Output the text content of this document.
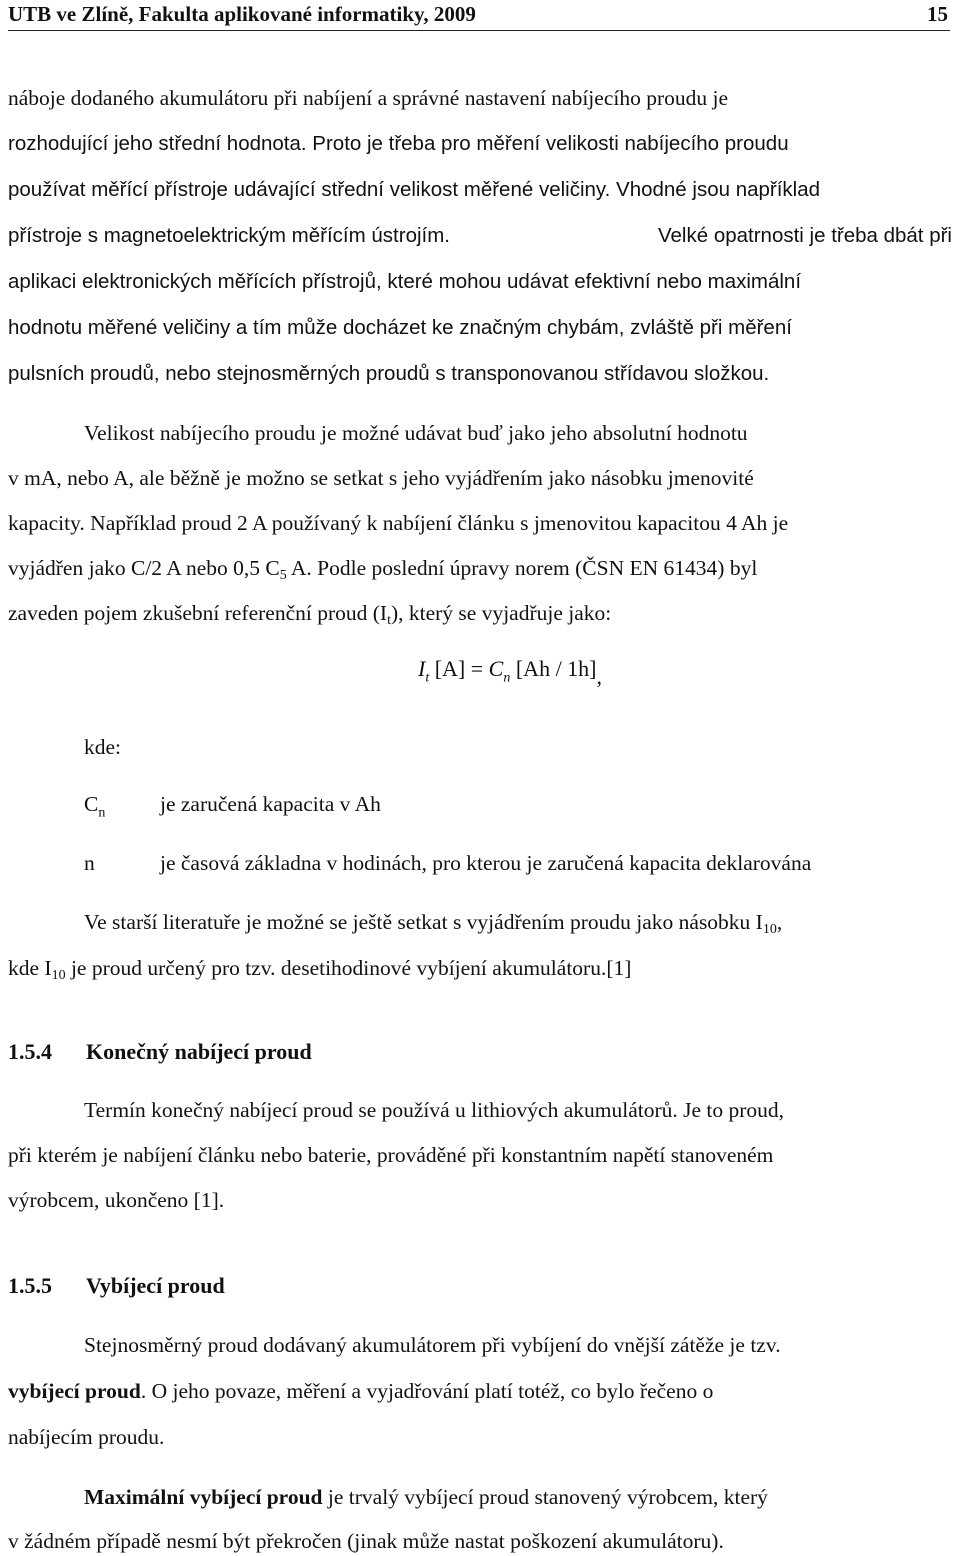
UTB ve Zlíně, Fakulta aplikované informatiky, 2009	15
náboje dodaného akumulátoru při nabíjení a správné nastavení nabíjecího proudu je
rozhodující jeho střední hodnota. Proto je třeba pro měření velikosti nabíjecího proudu
používat měřící přístroje udávající střední velikost měřené veličiny. Vhodné jsou například
přístroje s magnetoelektrickým měřícím ústrojím.	Velké opatrnosti je třeba dbát při
aplikaci elektronických měřících přístrojů, které mohou udávat efektivní nebo maximální
hodnotu měřené veličiny a tím může docházet ke značným chybám, zvláště při měření
pulsních proudů, nebo stejnosměrných proudů s transponovanou střídavou složkou.
Velikost nabíjecího proudu je možné udávat buď jako jeho absolutní hodnotu
v mA, nebo A, ale běžně je možno se setkat s jeho vyjádřením jako násobku jmenovité
kapacity. Například proud 2 A používaný k nabíjení článku s jmenovitou kapacitou 4 Ah je
vyjádřen jako C/2 A nebo 0,5 $C_5$ A. Podle poslední úpravy norem (ČSN EN 61434) byl
zaveden pojem zkušební referenční proud $(I_t)$, který se vyjadřuje jako:
$I_t$ $[A] = C_n$ [Ah / 1h],
kde:
$C_n$	je zaručená kapacita v Ah
n	je časová základna v hodinách, pro kterou je zaručená kapacita deklarována
Ve starší literatuře je možné se ještě setkat s vyjádřením proudu jako násobku $I_{10}$,
kde $I_{10}$ je proud určený pro tzv. desetihodinové vybíjení akumulátoru.[1]
1.5.4 Konečný nabíjecí proud
Termín konečný nabíjecí proud se používá u lithiových akumulátorů. Je to proud,
při kterém je nabíjení článku nebo baterie, prováděné při konstantním napětí stanoveném
výrobcem, ukončeno [1].
1.5.5 Vybíjecí proud
Stejnosměrný proud dodávaný akumulátorem při vybíjení do vnější zátěže je tzv.
vybíjecí proud. O jeho povaze, měření a vyjadřování platí totéž, co bylo řečeno o
nabíjecím proudu.
Maximální vybíjecí proud je trvalý vybíjecí proud stanovený výrobcem, který
v žádném případě nesmí být překročen (jinak může nastat poškození akumulátoru).
